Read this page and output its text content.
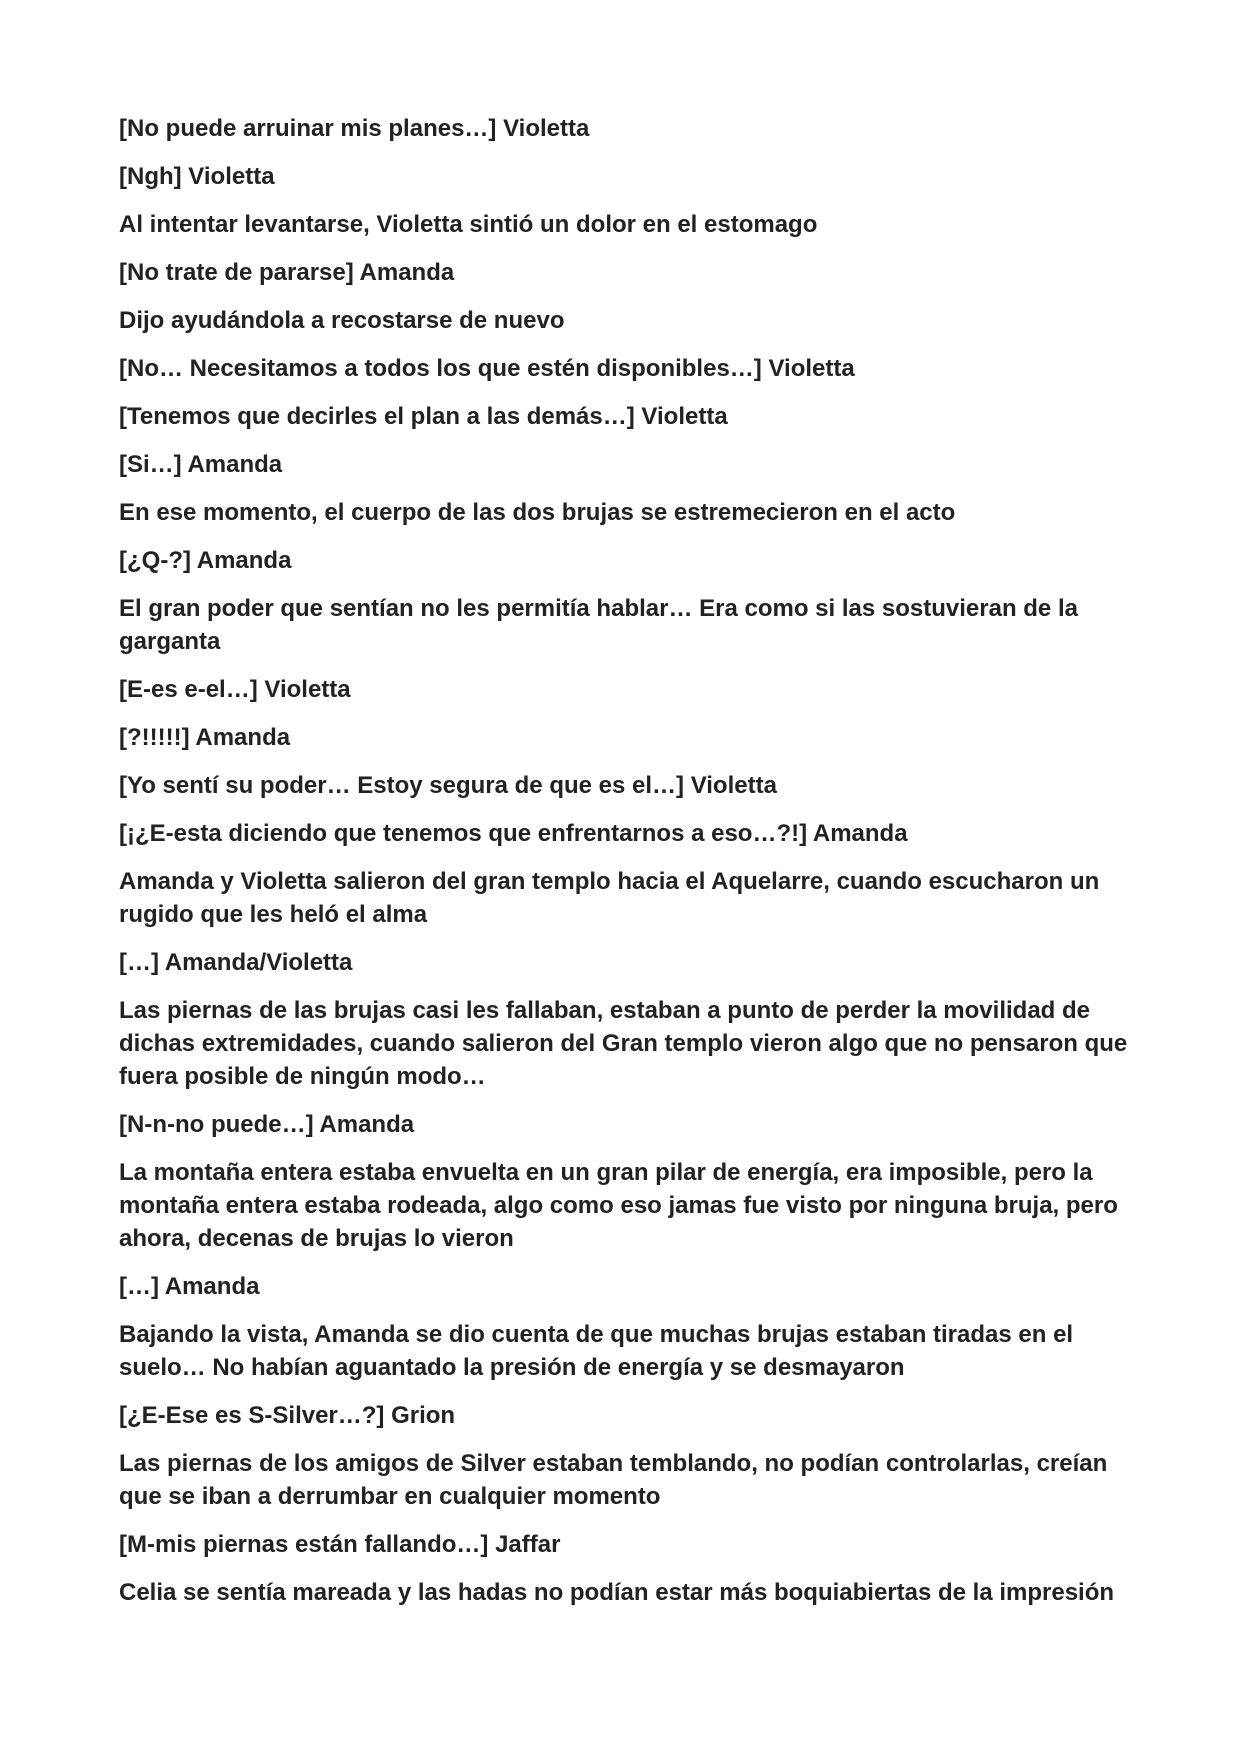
[No puede arruinar mis planes…] Violetta

[Ngh] Violetta

Al intentar levantarse, Violetta sintió un dolor en el estomago

[No trate de pararse] Amanda

Dijo ayudándola a recostarse de nuevo

[No… Necesitamos a todos los que estén disponibles…] Violetta

[Tenemos que decirles el plan a las demás…] Violetta

[Si…] Amanda

En ese momento, el cuerpo de las dos brujas se estremecieron en el acto

[¿Q-?] Amanda

El gran poder que sentían no les permitía hablar… Era como si las sostuvieran de la garganta

[E-es e-el…] Violetta

[?!!!!!] Amanda

[Yo sentí su poder… Estoy segura de que es el…] Violetta

[¡¿E-esta diciendo que tenemos que enfrentarnos a eso…?!] Amanda

Amanda y Violetta salieron del gran templo hacia el Aquelarre, cuando escucharon un rugido que les heló el alma

[…] Amanda/Violetta

Las piernas de las brujas casi les fallaban, estaban a punto de perder la movilidad de dichas extremidades, cuando salieron del Gran templo vieron algo que no pensaron que fuera posible de ningún modo…

[N-n-no puede…] Amanda

La montaña entera estaba envuelta en un gran pilar de energía, era imposible, pero la montaña entera estaba rodeada, algo como eso jamas fue visto por ninguna bruja, pero ahora, decenas de brujas lo vieron

[…] Amanda

Bajando la vista, Amanda se dio cuenta de que muchas brujas estaban tiradas en el suelo… No habían aguantado la presión de energía y se desmayaron

[¿E-Ese es S-Silver…?] Grion

Las piernas de los amigos de Silver estaban temblando, no podían controlarlas, creían que se iban a derrumbar en cualquier momento

[M-mis piernas están fallando…] Jaffar

Celia se sentía mareada y las hadas no podían estar más boquiabiertas de la impresión
